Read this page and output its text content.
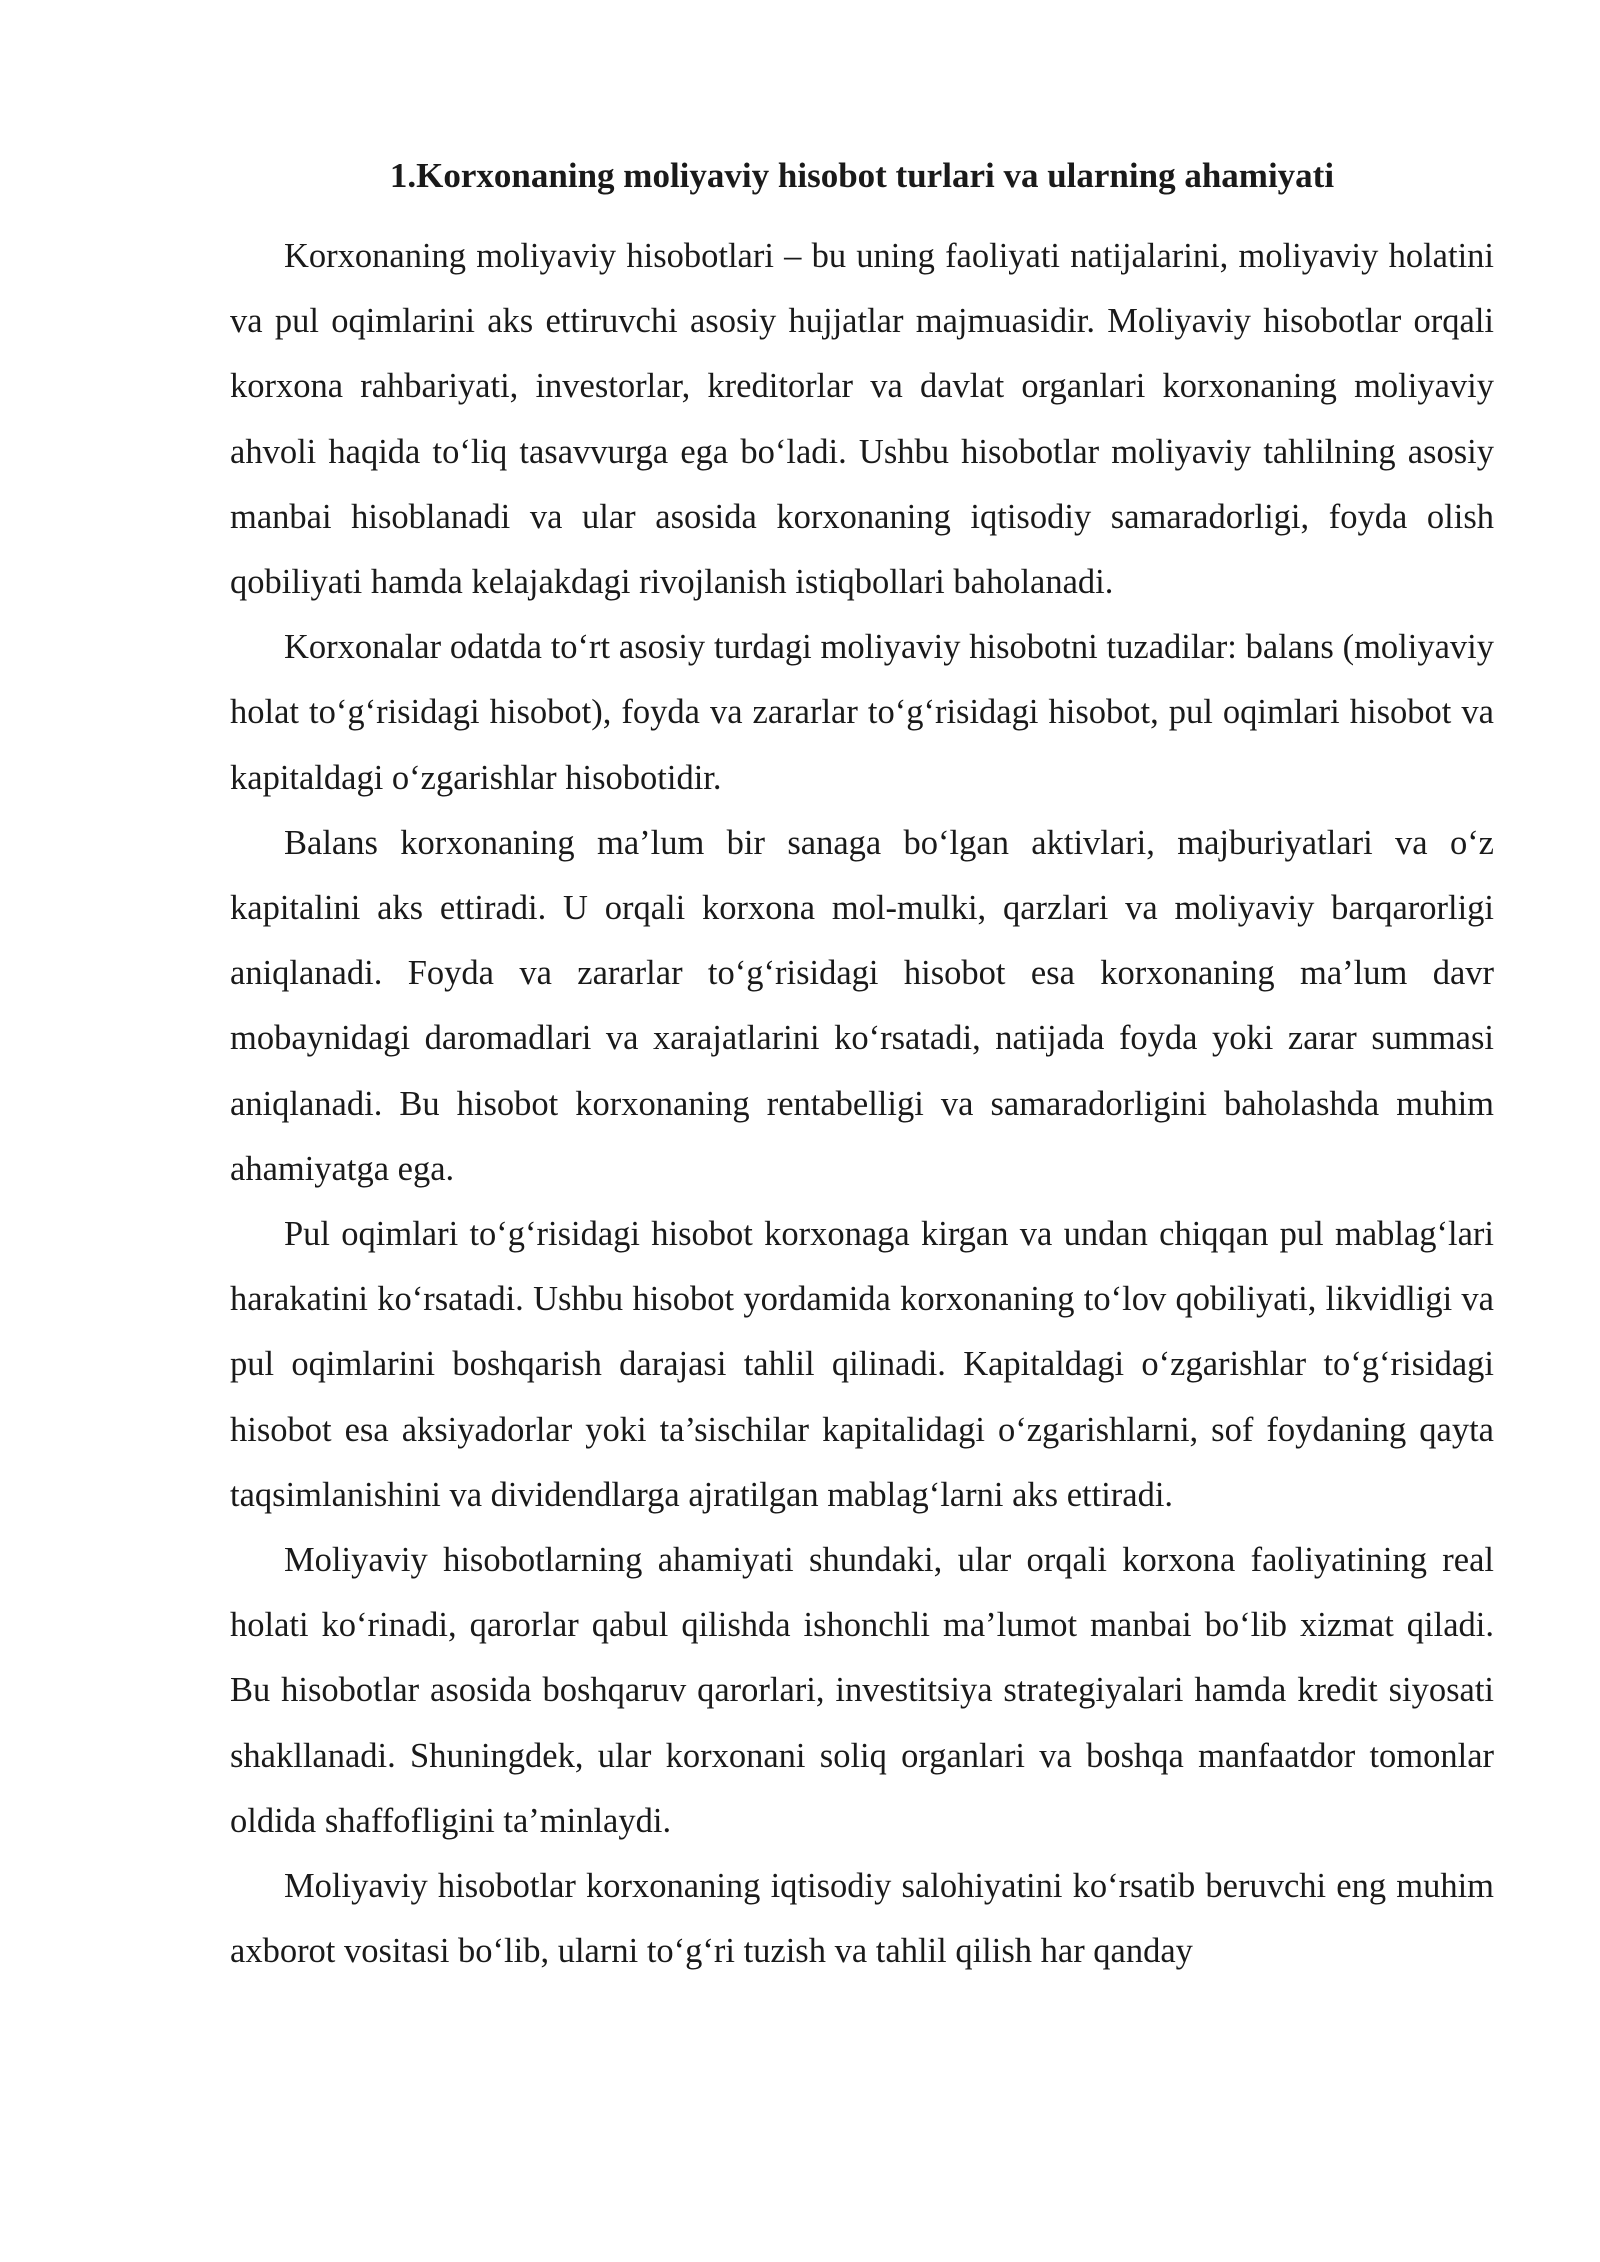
1.Korxonaning moliyaviy hisobot turlari va ularning ahamiyati

Korxonaning moliyaviy hisobotlari – bu uning faoliyati natijalarini, moliyaviy holatini va pul oqimlarini aks ettiruvchi asosiy hujjatlar majmuasidir. Moliyaviy hisobotlar orqali korxona rahbariyati, investorlar, kreditorlar va davlat organlari korxonaning moliyaviy ahvoli haqida to‘liq tasavvurga ega bo‘ladi. Ushbu hisobotlar moliyaviy tahlilning asosiy manbai hisoblanadi va ular asosida korxonaning iqtisodiy samaradorligi, foyda olish qobiliyati hamda kelajakdagi rivojlanish istiqbollari baholanadi.

Korxonalar odatda to‘rt asosiy turdagi moliyaviy hisobotni tuzadilar: balans (moliyaviy holat to‘g‘risidagi hisobot), foyda va zararlar to‘g‘risidagi hisobot, pul oqimlari hisobot va kapitaldagi o‘zgarishlar hisobotidir.

Balans korxonaning ma’lum bir sanaga bo‘lgan aktivlari, majburiyatlari va o‘z kapitalini aks ettiradi. U orqali korxona mol-mulki, qarzlari va moliyaviy barqarorligi aniqlanadi. Foyda va zararlar to‘g‘risidagi hisobot esa korxonaning ma’lum davr mobaynidagi daromadlari va xarajatlarini ko‘rsatadi, natijada foyda yoki zarar summasi aniqlanadi. Bu hisobot korxonaning rentabelligi va samaradorligini baholashda muhim ahamiyatga ega.

Pul oqimlari to‘g‘risidagi hisobot korxonaga kirgan va undan chiqqan pul mablag‘lari harakatini ko‘rsatadi. Ushbu hisobot yordamida korxonaning to‘lov qobiliyati, likvidligi va pul oqimlarini boshqarish darajasi tahlil qilinadi. Kapitaldagi o‘zgarishlar to‘g‘risidagi hisobot esa aksiyadorlar yoki ta’sischilar kapitalidagi o‘zgarishlarni, sof foydaning qayta taqsimlanishini va dividendlarga ajratilgan mablag‘larni aks ettiradi.

Moliyaviy hisobotlarning ahamiyati shundaki, ular orqali korxona faoliyatining real holati ko‘rinadi, qarorlar qabul qilishda ishonchli ma’lumot manbai bo‘lib xizmat qiladi. Bu hisobotlar asosida boshqaruv qarorlari, investitsiya strategiyalari hamda kredit siyosati shakllanadi. Shuningdek, ular korxonani soliq organlari va boshqa manfaatdor tomonlar oldida shaffofligini ta’minlaydi.

Moliyaviy hisobotlar korxonaning iqtisodiy salohiyatini ko‘rsatib beruvchi eng muhim axborot vositasi bo‘lib, ularni to‘g‘ri tuzish va tahlil qilish har qanday
